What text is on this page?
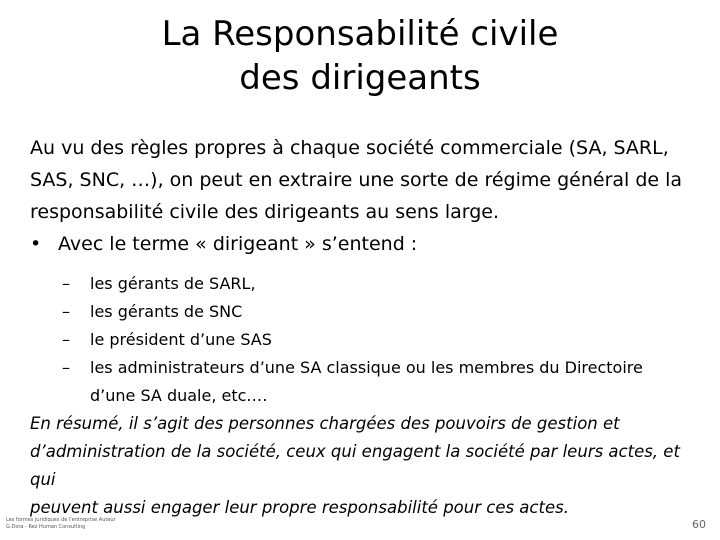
La Responsabilité civile
des dirigeants
Au vu des règles propres à chaque société commerciale (SA, SARL,
SAS, SNC, …), on peut en extraire une sorte de régime général de la
responsabilité civile des dirigeants au sens large.
• Avec le terme « dirigeant » s’entend :
–	les gérants de SARL,
–	les gérants de SNC
–	le président d’une SAS
–	les administrateurs d’une SA classique ou les membres du Directoire
d’une SA duale, etc.…
En résumé, il s’agit des personnes chargées des pouvoirs de gestion et
d’administration de la société, ceux qui engagent la société par leurs actes, et qui
peuvent aussi engager leur propre responsabilité pour ces actes.
Les formes juridiques de l'entreprise Auteur
G.Dora - Rez Human Consulting	60
